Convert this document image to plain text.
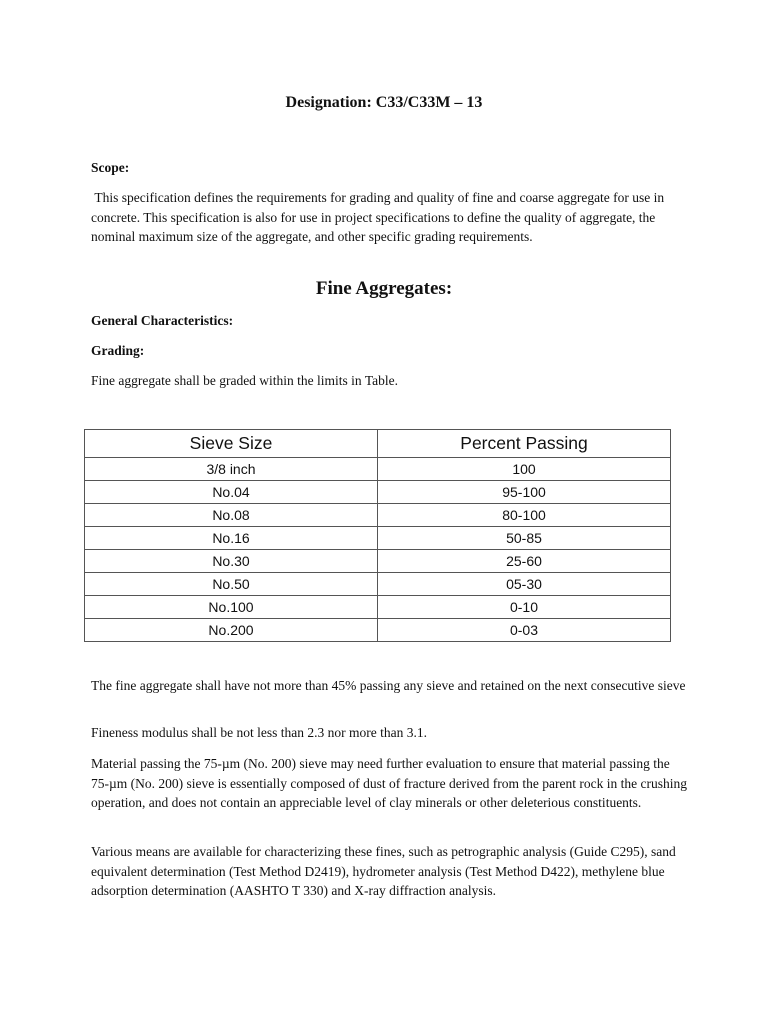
Designation: C33/C33M – 13
Scope:
This specification defines the requirements for grading and quality of fine and coarse aggregate for use in concrete. This specification is also for use in project specifications to define the quality of aggregate, the nominal maximum size of the aggregate, and other specific grading requirements.
Fine Aggregates:
General Characteristics:
Grading:
Fine aggregate shall be graded within the limits in Table.
Sieve Size	Percent Passing
3/8 inch	100
No.04	95-100
No.08	80-100
No.16	50-85
No.30	25-60
No.50	05-30
No.100	0-10
No.200	0-03
The fine aggregate shall have not more than 45% passing any sieve and retained on the next consecutive sieve
Fineness modulus shall be not less than 2.3 nor more than 3.1.
Material passing the 75-µm (No. 200) sieve may need further evaluation to ensure that material passing the 75-µm (No. 200) sieve is essentially composed of dust of fracture derived from the parent rock in the crushing operation, and does not contain an appreciable level of clay minerals or other deleterious constituents.
Various means are available for characterizing these fines, such as petrographic analysis (Guide C295), sand equivalent determination (Test Method D2419), hydrometer analysis (Test Method D422), methylene blue adsorption determination (AASHTO T 330) and X-ray diffraction analysis.
